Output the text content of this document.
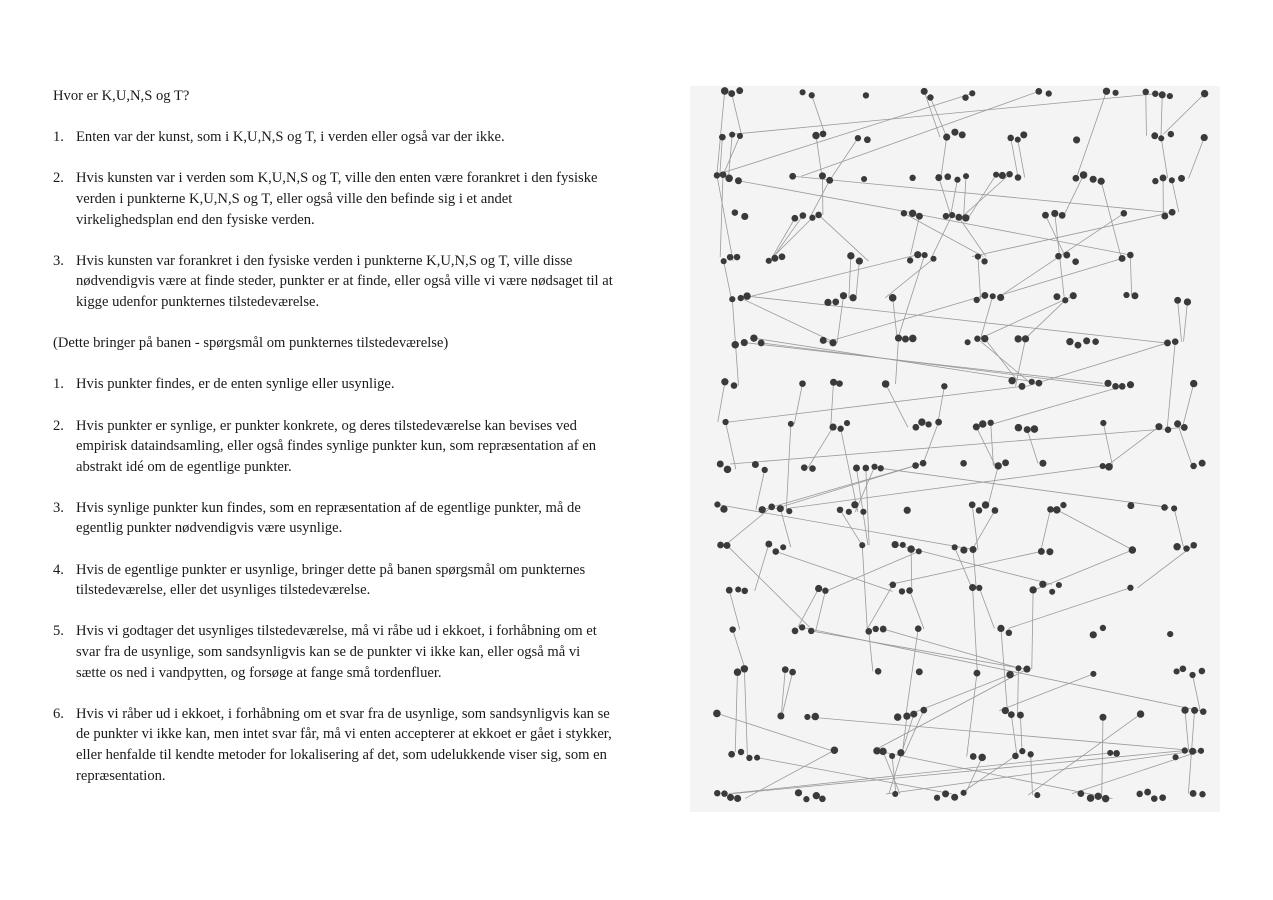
Hvor er K,U,N,S og T?

1. Enten var der kunst, som i K,U,N,S og T, i verden eller også var der ikke.
2. Hvis kunsten var i verden som K,U,N,S og T, ville den enten være forankret i den fysiske verden i punkterne K,U,N,S og T, eller også ville den befinde sig i et andet virkelighedsplan end den fysiske verden.
3. Hvis kunsten var forankret i den fysiske verden i punkterne K,U,N,S og T, ville disse nødvendigvis være at finde steder, punkter er at finde, eller også ville vi være nødsaget til at kigge udenfor punkternes tilstedeværelse.

(Dette bringer på banen - spørgsmål om punkternes tilstedeværelse)

1. Hvis punkter findes, er de enten synlige eller usynlige.
2. Hvis punkter er synlige, er punkter konkrete, og deres tilstedeværelse kan bevises ved empirisk dataindsamling, eller også findes synlige punkter kun, som repræsentation af en abstrakt idé om de egentlige punkter.
3. Hvis synlige punkter kun findes, som en repræsentation af de egentlige punkter, må de egentlig punkter nødvendigvis være usynlige.
4. Hvis de egentlige punkter er usynlige, bringer dette på banen spørgsmål om punkternes tilstedeværelse, eller det usynliges tilstedeværelse.
5. Hvis vi godtager det usynliges tilstedeværelse, må vi råbe ud i ekkoet, i forhåbning om et svar fra de usynlige, som sandsynligvis kan se de punkter vi ikke kan, eller også må vi sætte os ned i vandpytten, og forsøge at fange små tordenfluer.
6. Hvis vi råber ud i ekkoet, i forhåbning om et svar fra de usynlige, som sandsynligvis kan se de punkter vi ikke kan, men intet svar får, må vi enten accepterer at ekkoet er gået i stykker, eller henfalde til kendte metoder for lokalisering af det, som udelukkende viser sig, som en repræsentation.
